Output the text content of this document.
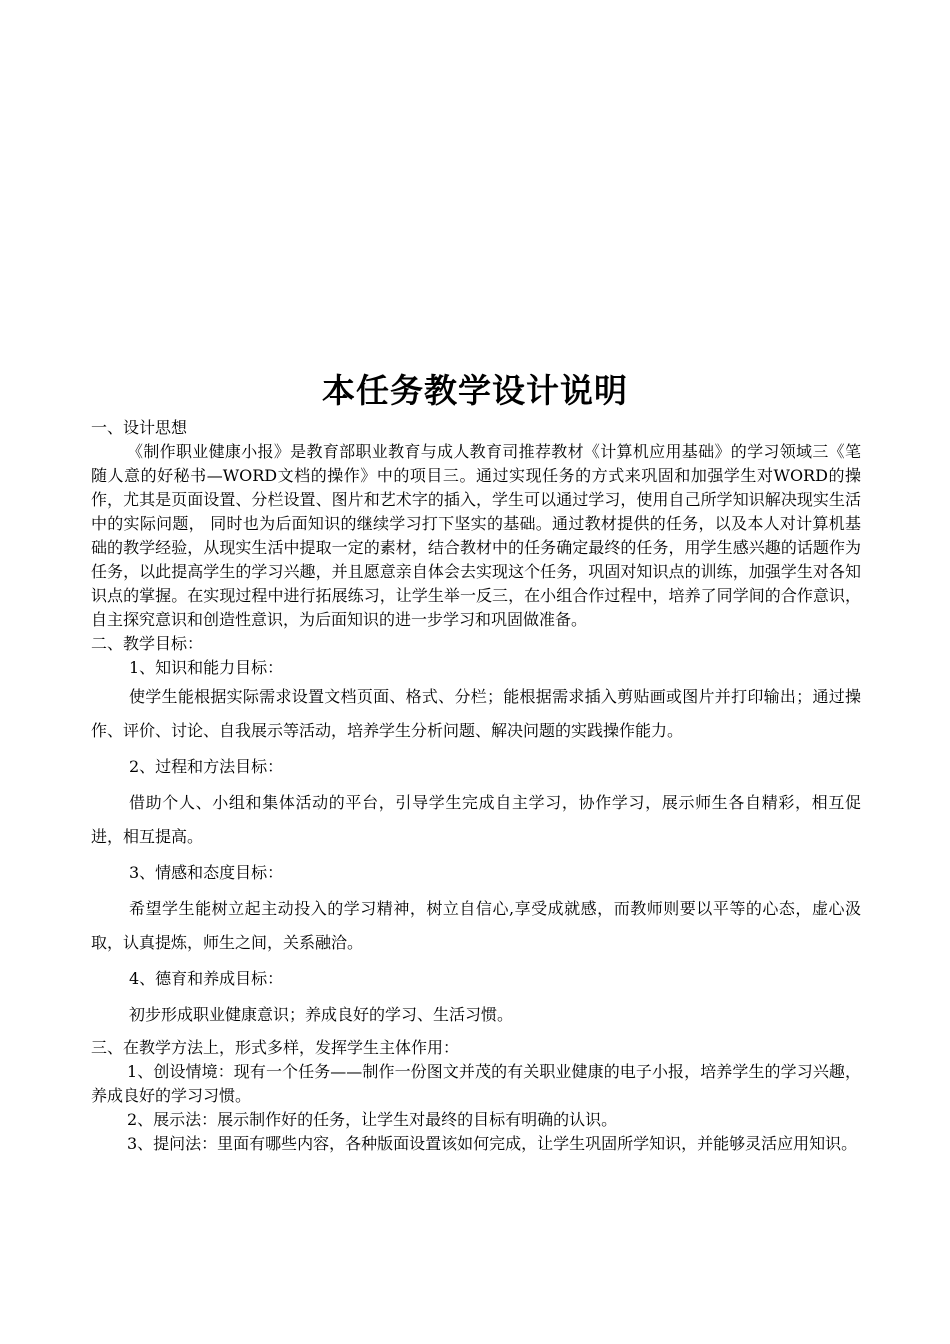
本任务教学设计说明

一、设计思想

《制作职业健康小报》是教育部职业教育与成人教育司推荐教材《计算机应用基础》的学习领域三《笔随人意的好秘书—WORD文档的操作》中的项目三。通过实现任务的方式来巩固和加强学生对WORD的操作，尤其是页面设置、分栏设置、图片和艺术字的插入，学生可以通过学习，使用自己所学知识解决现实生活中的实际问题， 同时也为后面知识的继续学习打下坚实的基础。通过教材提供的任务，以及本人对计算机基础的教学经验，从现实生活中提取一定的素材，结合教材中的任务确定最终的任务，用学生感兴趣的话题作为任务，以此提高学生的学习兴趣，并且愿意亲自体会去实现这个任务，巩固对知识点的训练，加强学生对各知识点的掌握。在实现过程中进行拓展练习，让学生举一反三，在小组合作过程中，培养了同学间的合作意识，自主探究意识和创造性意识，为后面知识的进一步学习和巩固做准备。

二、教学目标：

1、知识和能力目标：

使学生能根据实际需求设置文档页面、格式、分栏；能根据需求插入剪贴画或图片并打印输出；通过操作、评价、讨论、自我展示等活动，培养学生分析问题、解决问题的实践操作能力。

2、过程和方法目标：

借助个人、小组和集体活动的平台，引导学生完成自主学习，协作学习，展示师生各自精彩，相互促进，相互提高。

3、情感和态度目标：

希望学生能树立起主动投入的学习精神，树立自信心,享受成就感，而教师则要以平等的心态，虚心汲取，认真提炼，师生之间，关系融洽。

4、德育和养成目标：

初步形成职业健康意识；养成良好的学习、生活习惯。

三、在教学方法上，形式多样，发挥学生主体作用：

1、创设情境：现有一个任务——制作一份图文并茂的有关职业健康的电子小报，培养学生的学习兴趣，养成良好的学习习惯。

2、展示法：展示制作好的任务，让学生对最终的目标有明确的认识。

3、提问法：里面有哪些内容，各种版面设置该如何完成，让学生巩固所学知识，并能够灵活应用知识。
